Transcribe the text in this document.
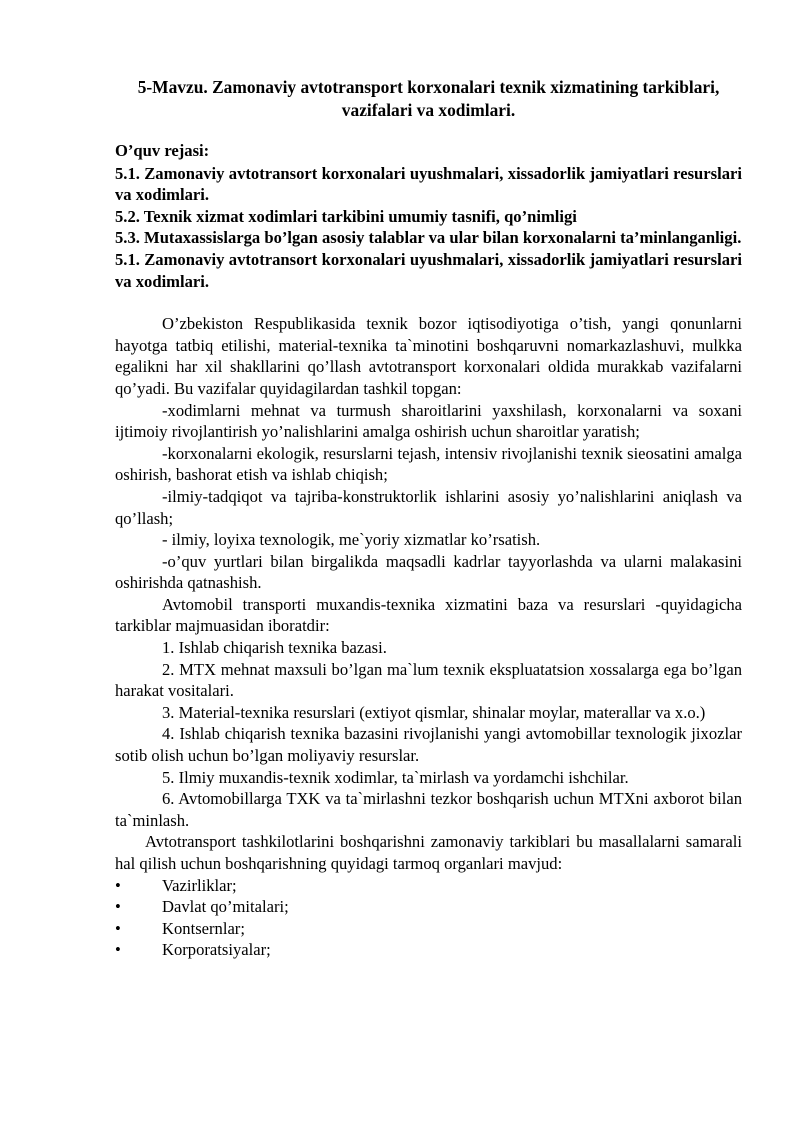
5-Mavzu. Zamonaviy avtotransport korxonalari texnik xizmatining tarkiblari,
vazifalari va xodimlari.

O’quv rejasi:

5.1. Zamonaviy avtotransort korxonalari uyushmalari, xissadorlik jamiyatlari resurslari va xodimlari.

5.2. Texnik xizmat xodimlari tarkibini umumiy tasnifi, qo’nimligi

5.3. Mutaxassislarga bo’lgan asosiy talablar va ular bilan korxonalarni ta’minlanganligi.

5.1. Zamonaviy avtotransort korxonalari uyushmalari, xissadorlik jamiyatlari resurslari va xodimlari.

O’zbekiston Respublikasida texnik bozor iqtisodiyotiga o’tish, yangi qonunlarni hayotga tatbiq etilishi, material-texnika ta`minotini boshqaruvni nomarkazlashuvi, mulkka egalikni har xil shakllarini qo’llash avtotransport korxonalari oldida murakkab vazifalarni qo’yadi. Bu vazifalar quyidagilardan tashkil topgan:

-xodimlarni mehnat va turmush sharoitlarini yaxshilash, korxonalarni va soxani ijtimoiy rivojlantirish yo’nalishlarini amalga oshirish uchun sharoitlar yaratish;

-korxonalarni ekologik, resurslarni tejash, intensiv rivojlanishi texnik sieosatini amalga oshirish, bashorat etish va ishlab chiqish;

-ilmiy-tadqiqot va tajriba-konstruktorlik ishlarini asosiy yo’nalishlarini aniqlash va qo’llash;

- ilmiy, loyixa texnologik, me`yoriy xizmatlar ko’rsatish.

-o’quv yurtlari bilan birgalikda maqsadli kadrlar tayyorlashda va ularni malakasini oshirishda qatnashish.

Avtomobil transporti muxandis-texnika xizmatini baza va resurslari -quyidagicha tarkiblar majmuasidan iboratdir:

1. Ishlab chiqarish texnika bazasi.

2. MTX mehnat maxsuli bo’lgan ma`lum texnik ekspluatatsion xossalarga ega bo’lgan harakat vositalari.

3. Material-texnika resurslari (extiyot qismlar, shinalar moylar, materallar va x.o.)

4. Ishlab chiqarish texnika bazasini rivojlanishi yangi avtomobillar texnologik jixozlar sotib olish uchun bo’lgan moliyaviy resurslar.

5. Ilmiy muxandis-texnik xodimlar, ta`mirlash va yordamchi ishchilar.

6. Avtomobillarga TXK va ta`mirlashni tezkor boshqarish uchun MTXni axborot bilan ta`minlash.

Avtotransport tashkilotlarini boshqarishni zamonaviy tarkiblari bu masallalarni samarali hal qilish uchun boshqarishning quyidagi tarmoq organlari mavjud:

• Vazirliklar;
• Davlat qo’mitalari;
• Kontsernlar;
• Korporatsiyalar;
